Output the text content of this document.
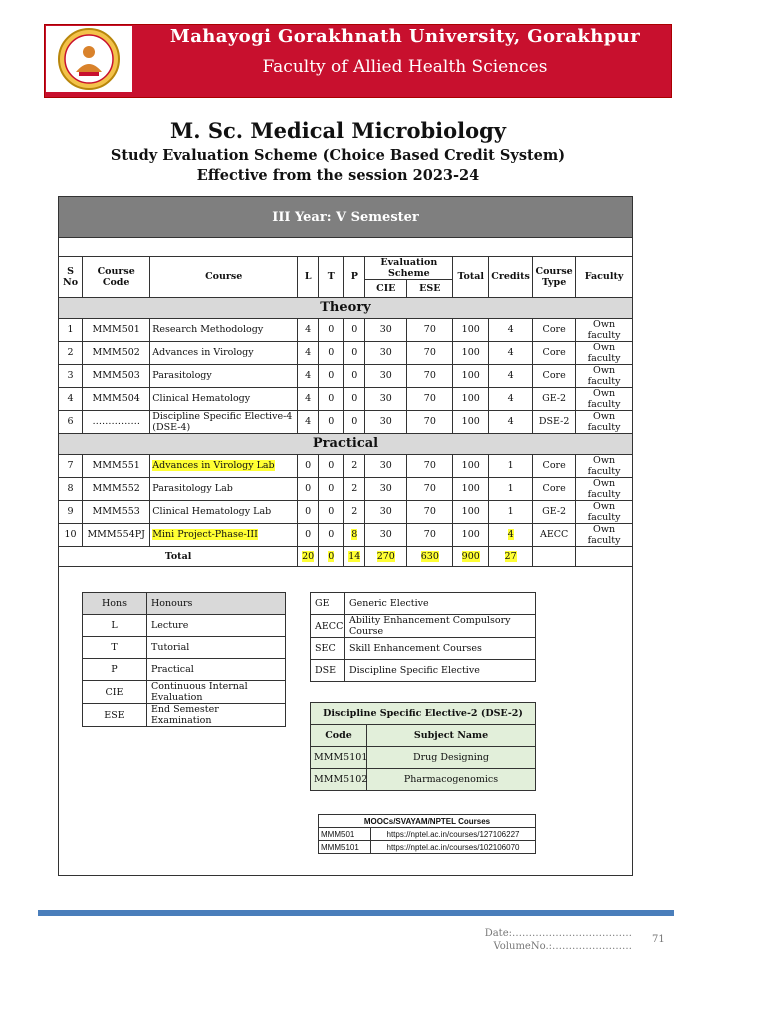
Mahayogi Gorakhnath University, Gorakhpur
Faculty of Allied Health Sciences
M. Sc. Medical Microbiology
Study Evaluation Scheme (Choice Based Credit System)
Effective from the session 2023-24
III Year: V Semester

S No	Course Code	Course	L	T	P	Evaluation Scheme		Total	Credits	Course Type	Faculty
						CIE	ESE				
Theory											
1	MMM501	Research Methodology	4	0	0	30	70	100	4	Core	Own faculty
2	MMM502	Advances in Virology	4	0	0	30	70	100	4	Core	Own faculty
3	MMM503	Parasitology	4	0	0	30	70	100	4	Core	Own faculty
4	MMM504	Clinical Hematology	4	0	0	30	70	100	4	GE-2	Own faculty
6	……………	Discipline Specific Elective-4 (DSE-4)	4	0	0	30	70	100	4	DSE-2	Own faculty
Practical											
7	MMM551	Advances in Virology Lab	0	0	2	30	70	100	1	Core	Own faculty
8	MMM552	Parasitology Lab	0	0	2	30	70	100	1	Core	Own faculty
9	MMM553	Clinical Hematology Lab	0	0	2	30	70	100	1	GE-2	Own faculty
10	MMM554PJ	Mini Project-Phase-III	0	0	8	30	70	100	4	AECC	Own faculty
Total			20	0	14	270	630	900	27		
Hons	Honours
L	Lecture
T	Tutorial
P	Practical
CIE	Continuous Internal Evaluation
ESE	End Semester Examination
GE	Generic Elective
AECC	Ability Enhancement Compulsory Course
SEC	Skill Enhancement Courses
DSE	Discipline Specific Elective
Discipline Specific Elective-2 (DSE-2)	
Code	Subject Name
MMM5101	Drug Designing
MMM5102	Pharmacogenomics
MOOCs/SVAYAM/NPTEL Courses	
MMM501	https://nptel.ac.in/courses/127106227
MMM5101	https://nptel.ac.in/courses/102106070
Date:………………………………
VolumeNo.:……………………
71
